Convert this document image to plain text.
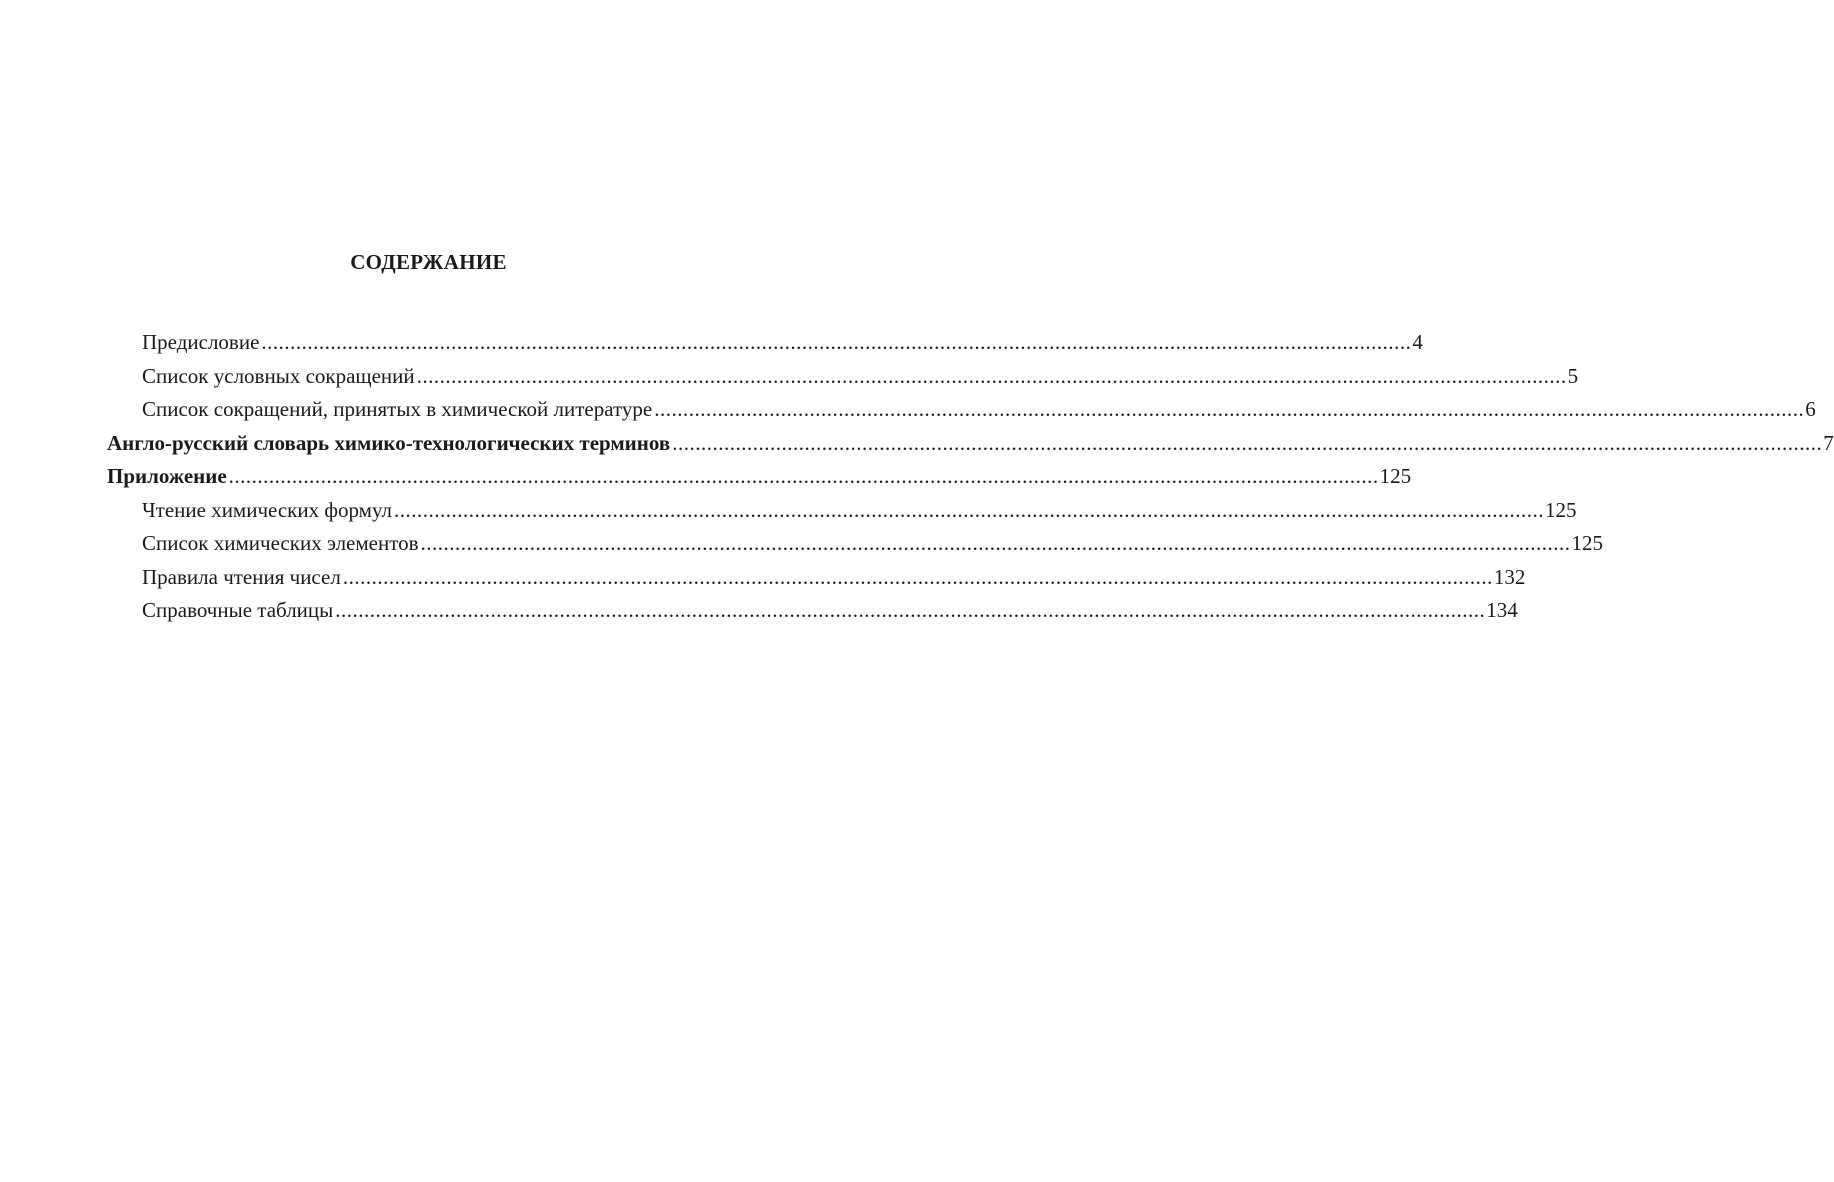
СОДЕРЖАНИЕ
Предисловие ........................................................................................................................................................................................................ 4
Список условных сокращений ........................................................................................................................................................................................................ 5
Список сокращений, принятых в химической литературе ........................................................................................................................................................................................................ 6
Англо-русский словарь химико-технологических терминов ........................................................................................................................................................................................................ 7
Приложение ........................................................................................................................................................................................................ 125
Чтение химических формул ........................................................................................................................................................................................................ 125
Список химических элементов ........................................................................................................................................................................................................ 125
Правила чтения чисел ........................................................................................................................................................................................................ 132
Справочные таблицы ........................................................................................................................................................................................................ 134
